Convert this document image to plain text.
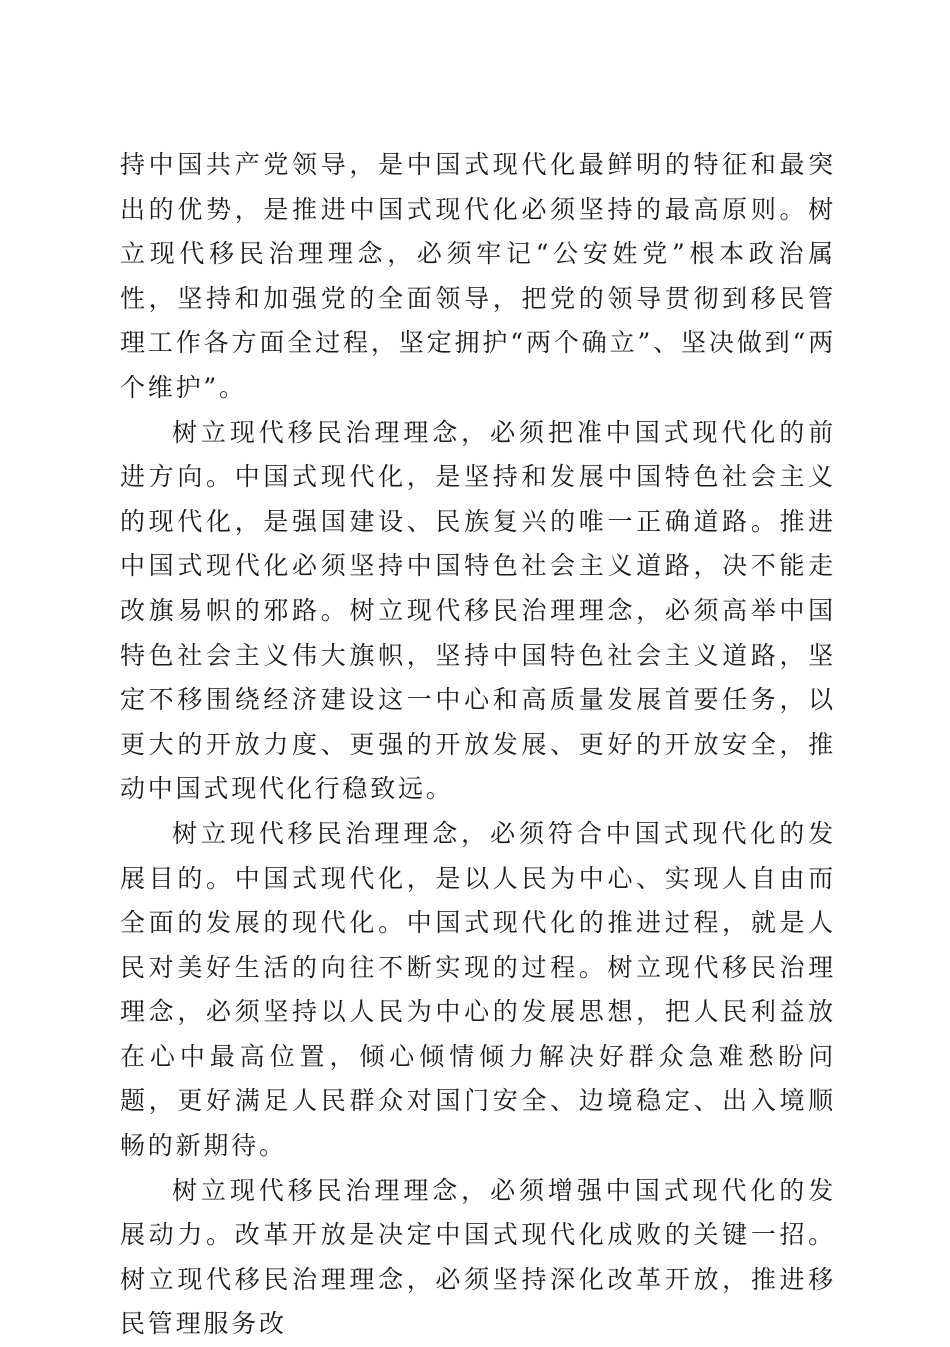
持中国共产党领导，是中国式现代化最鲜明的特征和最突出的优势，是推进中国式现代化必须坚持的最高原则。树立现代移民治理理念，必须牢记“公安姓党”根本政治属性，坚持和加强党的全面领导，把党的领导贯彻到移民管理工作各方面全过程，坚定拥护“两个确立”、坚决做到“两个维护”。

树立现代移民治理理念，必须把准中国式现代化的前进方向。中国式现代化，是坚持和发展中国特色社会主义的现代化，是强国建设、民族复兴的唯一正确道路。推进中国式现代化必须坚持中国特色社会主义道路，决不能走改旗易帜的邪路。树立现代移民治理理念，必须高举中国特色社会主义伟大旗帜，坚持中国特色社会主义道路，坚定不移围绕经济建设这一中心和高质量发展首要任务，以更大的开放力度、更强的开放发展、更好的开放安全，推动中国式现代化行稳致远。

树立现代移民治理理念，必须符合中国式现代化的发展目的。中国式现代化，是以人民为中心、实现人自由而全面的发展的现代化。中国式现代化的推进过程，就是人民对美好生活的向往不断实现的过程。树立现代移民治理理念，必须坚持以人民为中心的发展思想，把人民利益放在心中最高位置，倾心倾情倾力解决好群众急难愁盼问题，更好满足人民群众对国门安全、边境稳定、出入境顺畅的新期待。

树立现代移民治理理念，必须增强中国式现代化的发展动力。改革开放是决定中国式现代化成败的关键一招。树立现代移民治理理念，必须坚持深化改革开放，推进移民管理服务改
